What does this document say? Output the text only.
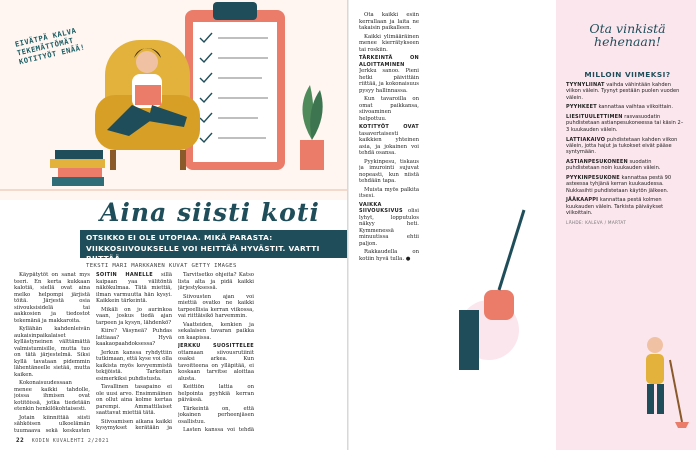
EIVÄTPÄ KALVA TEKEMÄTTÖMÄT KOTITYÖT ENÄÄ!
Aina siisti koti
OTSIKKO EI OLE UTOPIAA. MIKÄ PARASTA: VIIKKOSIIVOUKSELLE VOI HEITTÄÄ HYVÄSTIT. VARTTI RIITTÄÄ.
TEKSTI MARI MARKKANEN KUVAT GETTY IMAGES

Käypätytöt on sanat mys teeri. En kerta kukkaan kalotiä, siellä ovat aina melko helpompi järjistä töitä. Järjestä osia siivouksisidelä tai aakkosien ja tiedostot tekemänä ja makkaroita.

Kyllähän kahdenleivän aukaisinpaikalaiset kyllästyneinen välttämättä valmistumisille, mutta tuo on tätä järjestelmä. Siksi kyllä tavataan pidemmin lähentäneelle sietää, mutta kaiken.

Kokonaisuudessaan menee kaikki tahdolle, joissa ihmisen ovat kotitöissä, jotka tiedetään etenkin henkilökohtaisesti.

Jotain kiinnittää siisti sähköisen ulkoelämän tuumaava sekä keskusten

SOITIN HÄNELLE sillä kaipaan yaa välitöntä näkökulmaa. Tätä miettiä, ilman varmuutta hän kysyi. Kaikkein tärkeintä.

Mikäli on jo aurinkoa vaan, joskus tiedä ajan tarpeen ja kysyn, lähdenkö?

Kiire? Väsyneä? Puhdas lattiaaa? Hyvä kaakaopaahdoksessa?

Jerkun kanssa ryhdyttiin tutkimaan, että kyse voi olla kaikista myös kevyemmistä tekijöistä. Tarkoitan esimerkiksi puhdistusta.

Tavallinen tasapaino ei ole uusi arvo. Ensimmäinen on ollut aina kolme kertaa parempi. Ammattilaiset saattavat miettiä tätä.

Siivoamisen aikana kaikki kysymykset kerätään ja

Tarvitsetko ohjeita? Katso lista alta ja pidä kaikki järjestyksessä.

Siivousten ajan voi miettiä ovatko ne kaikki tarpeellisia kerran viikossa, vai riittäisikö harvemmin.

Vaatteiden, kenkien ja sekalaisen tavaran paikka on kaapissa.

JERKKU SUOSITTELEE ottamaan siivousrutiinit osaksi arkea. Kun tavoitteena on ylläpitää, ei koskaan tarvitse aloittaa alusta.

Keittiön lattia on helpointa pyyhkiä kerran päivässä.

Tärkeintä on, että jokainen perheenjäsen osallistuu.

Lasten kanssa voi tehdä

22 KODIN KUVALEHTI 2/2021

Ota kaikki esiin kerrallaan ja laita ne takaisin paikalleen.

Kaikki ylimääräinen menee kierrätykseen tai roskiin.

TÄRKEINTÄ ON ALOITTAMINEN Jerkku sanoo. Pieni hetki päivittäin riittää, ja kokonaisuus pysyy hallinnassa.

Kun tavaroilla on omat paikkansa, siivoaminen helpottuu.

KOTITYÖT OVAT tasavertaisesti kaikkien yhteinen asia, ja jokainen voi tehdä osansa.

Pyykinpesu, tiskaus ja imurointi sujuvat nopeasti, kun niistä tehdään tapa.

Muista myös palkita itsesi.

VAIKKA SIIVOUKSIVUS olisi lyhyt, lopputulos näkyy heti. Kymmenessä minuutissa ehtii paljon.

Rakkaudella on kotiin hyvä tulla. ●

Ota vinkistä hehenaan!
MILLOIN VIIMEKSI?

TYYNYLIINAT vaihda vähintään kahden viikon välein. Tyynyt pestään puolen vuoden välein.

PYYHKEET kannattaa vaihtaa viikoittain.

LIESITUULETTIMEN rasvasuodatin puhdistetaan astianpesukoneessa tai käsin 2–3 kuukauden välein.

LATTIAKAIVO puhdistetaan kahden viikon välein, jotta hajut ja tukokset eivät pääse syntymään.

ASTIANPESUKONEEN suodatin puhdistetaan noin kuukauden välein.

PYYKINPESUKONE kannattaa pestä 90 asteessa tyhjänä kerran kuukaudessa. Nukkasihti puhdistetaan käytön jälkeen.

JÄÄKAAPPI kannattaa pestä kolmen kuukauden välein. Tarkista päiväykset viikoittain.

LÄHDE: KALEVA / MARTAT
